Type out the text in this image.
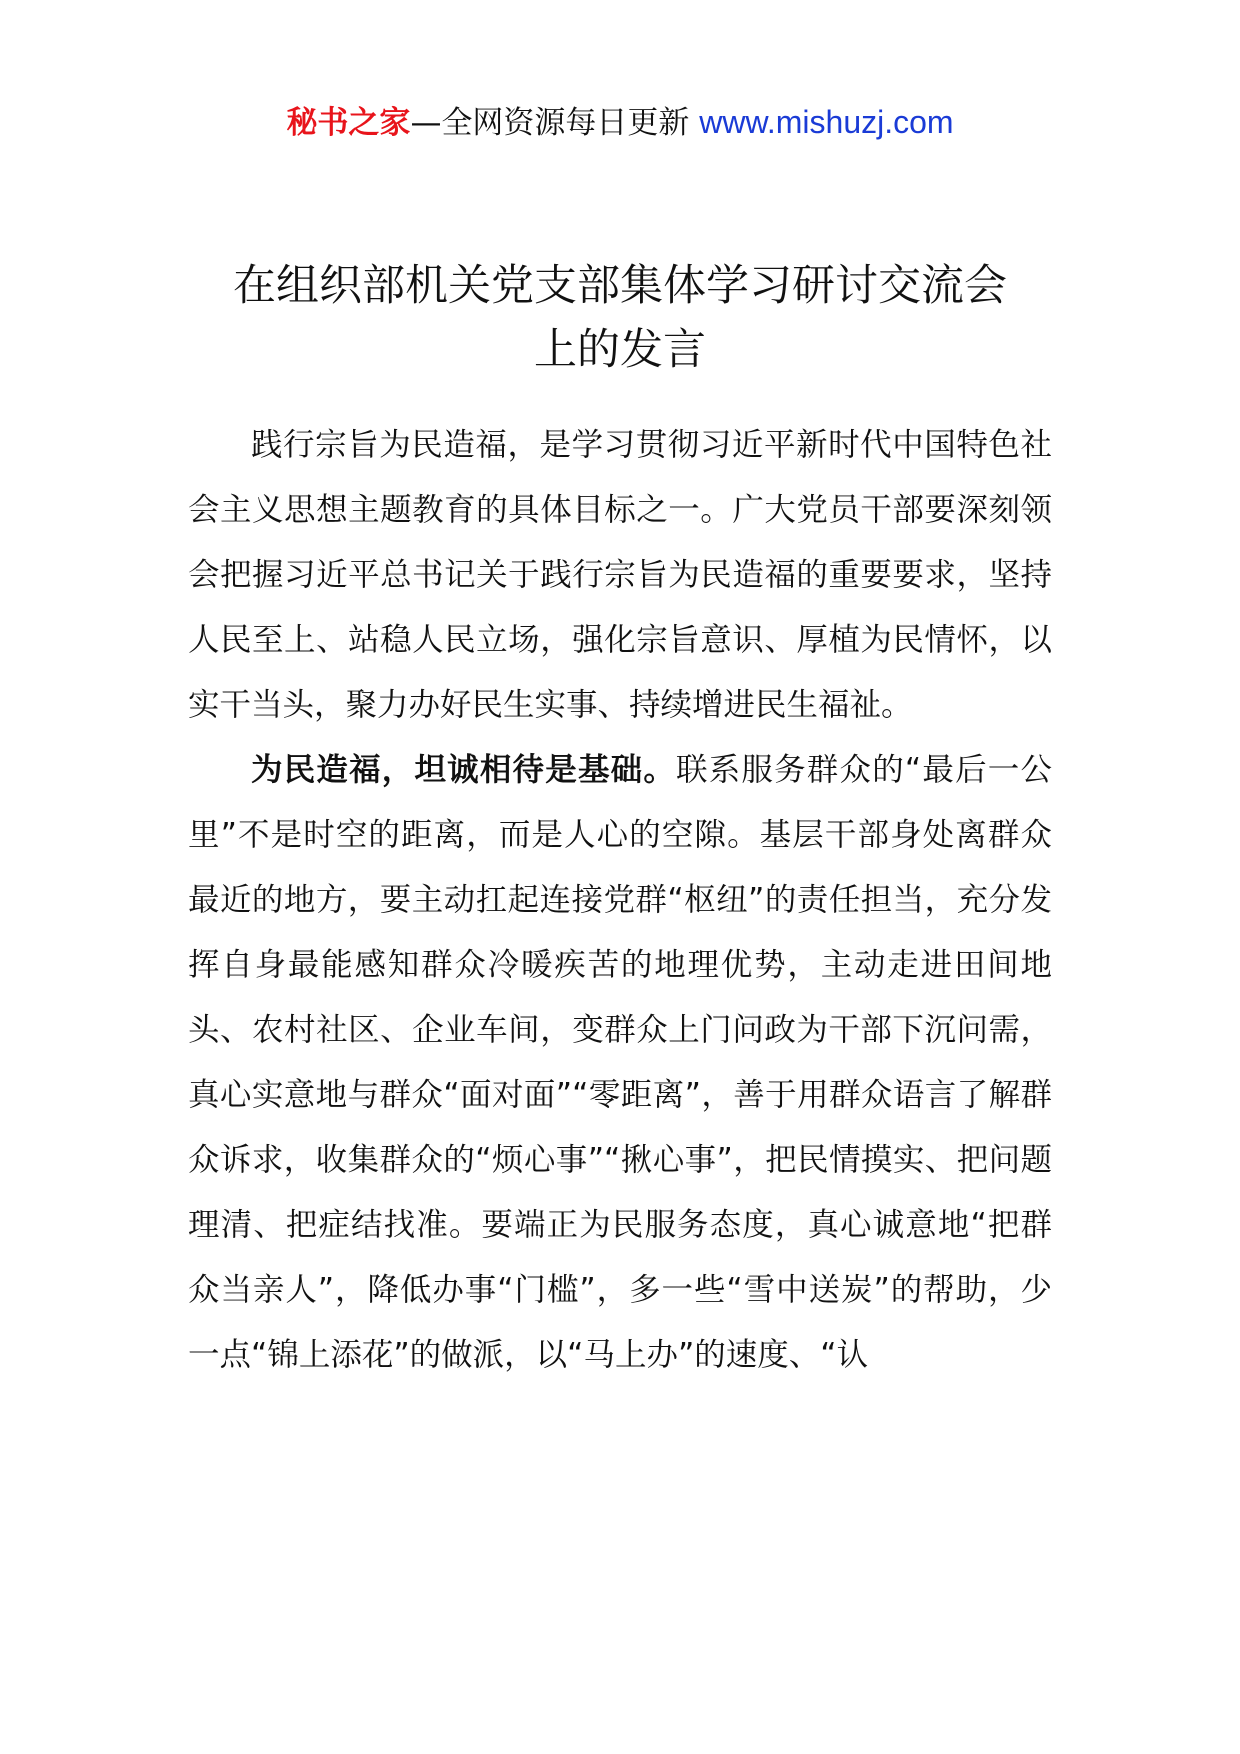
秘书之家—全网资源每日更新 www.mishuzj.com
在组织部机关党支部集体学习研讨交流会
上的发言

践行宗旨为民造福，是学习贯彻习近平新时代中国特色社会主义思想主题教育的具体目标之一。广大党员干部要深刻领会把握习近平总书记关于践行宗旨为民造福的重要要求，坚持人民至上、站稳人民立场，强化宗旨意识、厚植为民情怀，以实干当头，聚力办好民生实事、持续增进民生福祉。

为民造福，坦诚相待是基础。联系服务群众的“最后一公里”不是时空的距离，而是人心的空隙。基层干部身处离群众最近的地方，要主动扛起连接党群“枢纽”的责任担当，充分发挥自身最能感知群众冷暖疾苦的地理优势，主动走进田间地头、农村社区、企业车间，变群众上门问政为干部下沉问需，真心实意地与群众“面对面”“零距离”，善于用群众语言了解群众诉求，收集群众的“烦心事”“揪心事”，把民情摸实、把问题理清、把症结找准。要端正为民服务态度，真心诚意地“把群众当亲人”，降低办事“门槛”，多一些“雪中送炭”的帮助，少一点“锦上添花”的做派，以“马上办”的速度、“认
